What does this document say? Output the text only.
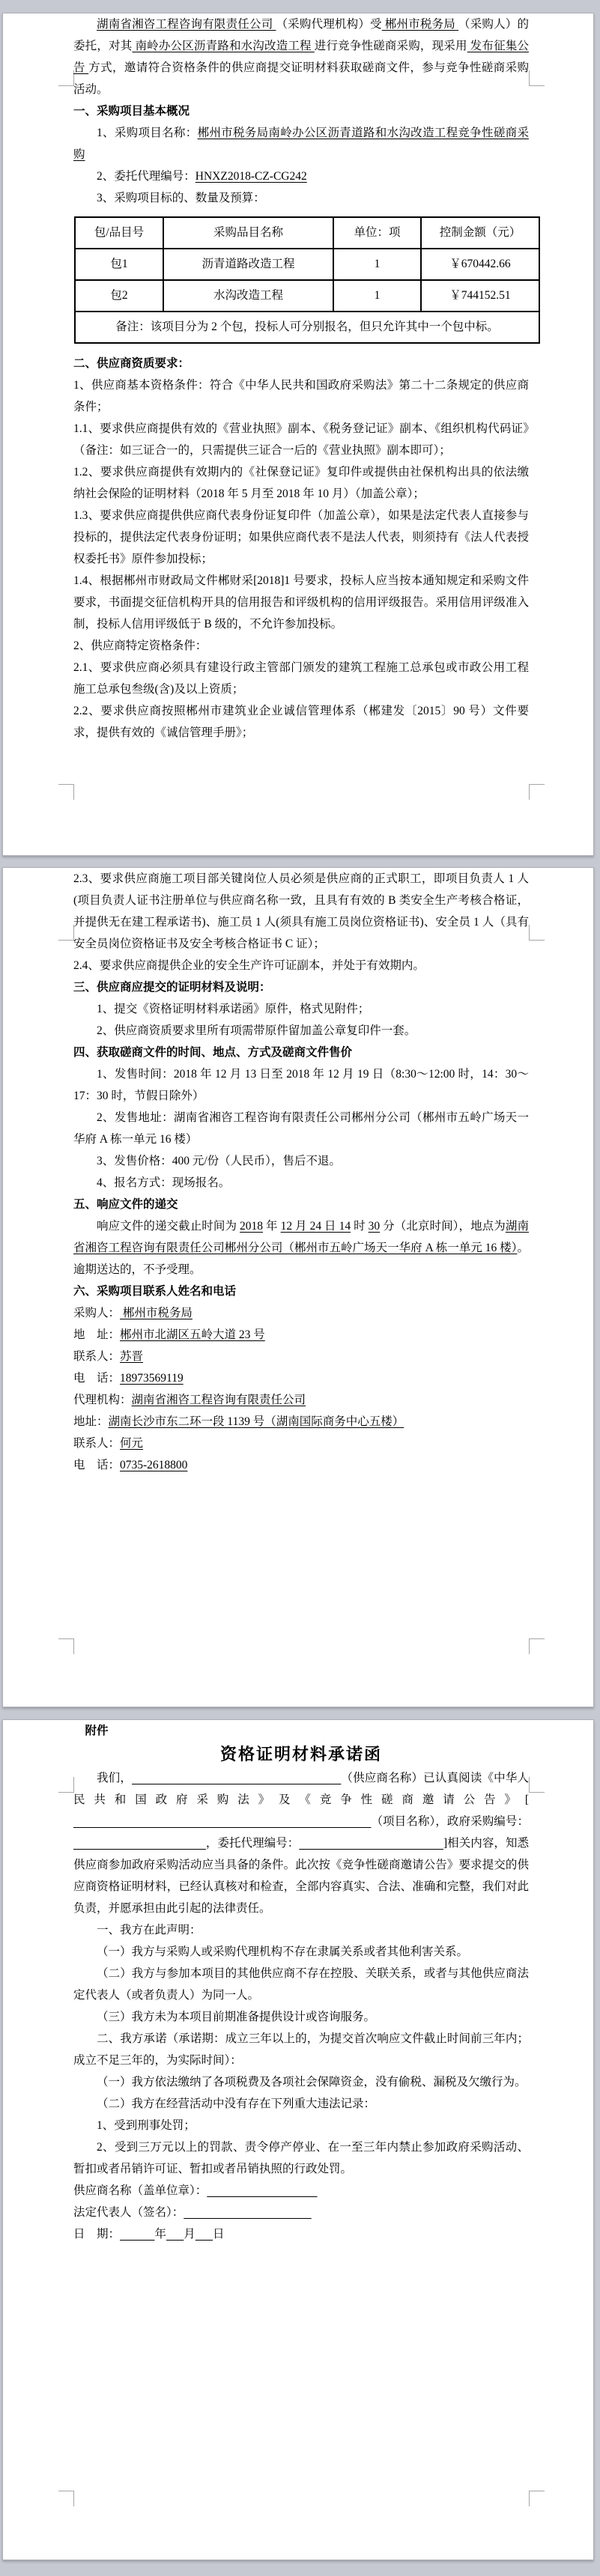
湖南省湘咨工程咨询有限责任公司 （采购代理机构）受 郴州市税务局 （采购人）的委托，对其 南岭办公区沥青路和水沟改造工程 进行竞争性磋商采购，现采用 发布征集公告 方式，邀请符合资格条件的供应商提交证明材料获取磋商文件，参与竞争性磋商采购活动。

一、采购项目基本概况

1、采购项目名称：郴州市税务局南岭办公区沥青道路和水沟改造工程竞争性磋商采购

2、委托代理编号：HNXZ2018-CZ-CG242

3、采购项目标的、数量及预算：

包/品目号	采购品目名称	单位：项	控制金额（元）
包1	沥青道路改造工程	1	￥670442.66
包2	水沟改造工程	1	￥744152.51
备注：该项目分为 2 个包，投标人可分别报名，但只允许其中一个包中标。			

二、供应商资质要求：

1、供应商基本资格条件：符合《中华人民共和国政府采购法》第二十二条规定的供应商条件；

1.1、要求供应商提供有效的《营业执照》副本、《税务登记证》副本、《组织机构代码证》（备注：如三证合一的，只需提供三证合一后的《营业执照》副本即可）；

1.2、要求供应商提供有效期内的《社保登记证》复印件或提供由社保机构出具的依法缴纳社会保险的证明材料（2018 年 5 月至 2018 年 10 月）（加盖公章）；

1.3、要求供应商提供供应商代表身份证复印件（加盖公章），如果是法定代表人直接参与投标的，提供法定代表身份证明；如果供应商代表不是法人代表，则须持有《法人代表授权委托书》原件参加投标；

1.4、根据郴州市财政局文件郴财采[2018]1 号要求，投标人应当按本通知规定和采购文件要求，书面提交征信机构开具的信用报告和评级机构的信用评级报告。采用信用评级准入制，投标人信用评级低于 B 级的，不允许参加投标。

2、供应商特定资格条件：

2.1、要求供应商必须具有建设行政主管部门颁发的建筑工程施工总承包或市政公用工程施工总承包叁级(含)及以上资质；

2.2、要求供应商按照郴州市建筑业企业诚信管理体系（郴建发〔2015〕90 号）文件要求，提供有效的《诚信管理手册》；

2.3、要求供应商施工项目部关键岗位人员必须是供应商的正式职工，即项目负责人 1 人(项目负责人证书注册单位与供应商名称一致，且具有有效的 B 类安全生产考核合格证，并提供无在建工程承诺书)、施工员 1 人(须具有施工员岗位资格证书)、安全员 1 人（具有安全员岗位资格证书及安全考核合格证书 C 证）；

2.4、要求供应商提供企业的安全生产许可证副本，并处于有效期内。

三、供应商应提交的证明材料及说明：

1、提交《资格证明材料承诺函》原件，格式见附件；

2、供应商资质要求里所有项需带原件留加盖公章复印件一套。

四、获取磋商文件的时间、地点、方式及磋商文件售价

1、发售时间：2018 年 12 月 13 日至 2018 年 12 月 19 日（8:30～12:00 时，14：30～17：30 时，节假日除外）

2、发售地址：湖南省湘咨工程咨询有限责任公司郴州分公司（郴州市五岭广场天一华府 A 栋一单元 16 楼）

3、发售价格：400 元/份（人民币），售后不退。

4、报名方式：现场报名。

五、响应文件的递交

响应文件的递交截止时间为 2018 年 12 月 24 日 14 时 30 分（北京时间），地点为湖南省湘咨工程咨询有限责任公司郴州分公司（郴州市五岭广场天一华府 A 栋一单元 16 楼）。逾期送达的，不予受理。

六、采购项目联系人姓名和电话

采购人： 郴州市税务局

地    址：郴州市北湖区五岭大道 23 号

联系人：苏晋

电    话：18973569119

代理机构：湖南省湘咨工程咨询有限责任公司

地址：湖南长沙市东二环一段 1139 号（湖南国际商务中心五楼）

联系人：何元

电    话：0735-2618800

附件

资格证明材料承诺函

我们，	（供应商名称）已认真阅读《中华人民共和国政府采购法》及《竞争性磋商邀请公告》[                                                                                                    （项目名称），政府采购编号：                                             ，委托代理编号：	]相关内容，知悉供应商参加政府采购活动应当具备的条件。此次按《竞争性磋商邀请公告》要求提交的供应商资格证明材料，已经认真核对和检查，全部内容真实、合法、准确和完整，我们对此负责，并愿承担由此引起的法律责任。

一、我方在此声明：

（一）我方与采购人或采购代理机构不存在隶属关系或者其他利害关系。

（二）我方与参加本项目的其他供应商不存在控股、关联关系，或者与其他供应商法定代表人（或者负责人）为同一人。

（三）我方未为本项目前期准备提供设计或咨询服务。

二、我方承诺（承诺期：成立三年以上的，为提交首次响应文件截止时间前三年内；成立不足三年的，为实际时间）：

（一）我方依法缴纳了各项税费及各项社会保障资金，没有偷税、漏税及欠缴行为。

（二）我方在经营活动中没有存在下列重大违法记录：

1、受到刑事处罚；

2、受到三万元以上的罚款、责令停产停业、在一至三年内禁止参加政府采购活动、暂扣或者吊销许可证、暂扣或者吊销执照的行政处罚。

供应商名称（盖单位章）：

法定代表人（签名）：

日    期：	年 月 日
